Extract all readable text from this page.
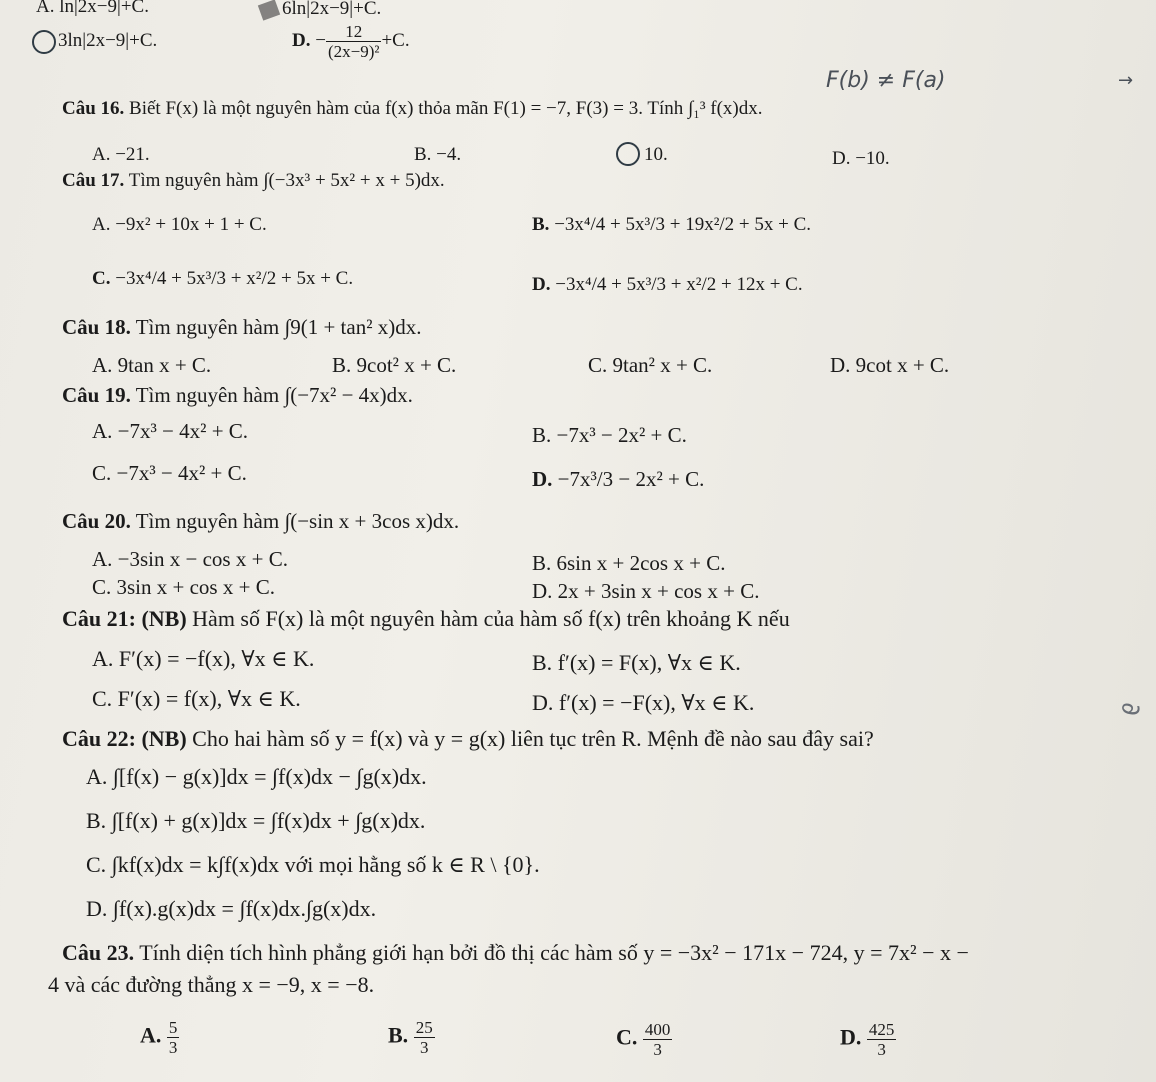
A. ln|2x−9|+C.	6ln|2x−9|+C.
3ln|2x−9|+C.	D. − $\frac{12}{\text{(2x−9)²}} +C$.
F(b) ≠ F(a)	→
Câu 16. Biết F(x) là một nguyên hàm của f(x) thỏa mãn F(1) = −7, F(3) = 3. Tính ∫₁³ f(x)dx.
A. −21.	B. −4.	10.	D. −10.
Câu 17. Tìm nguyên hàm ∫(−3x³ + 5x² + x + 5)dx.
A. −9x² + 10x + 1 + C.	B. −3x⁴/4 + 5x³/3 + 19x²/2 + 5x + C.
C. −3x⁴/4 + 5x³/3 + x²/2 + 5x + C.	D. −3x⁴/4 + 5x³/3 + x²/2 + 12x + C.
Câu 18. Tìm nguyên hàm ∫9(1 + tan² x)dx.
A. 9tan x + C.	B. 9cot² x + C.	C. 9tan² x + C.	D. 9cot x + C.
Câu 19. Tìm nguyên hàm ∫(−7x² − 4x)dx.
A. −7x³ − 4x² + C.	B. −7x³ − 2x² + C.
C. −7x³ − 4x² + C.	D. −7x³/3 − 2x² + C.
Câu 20. Tìm nguyên hàm ∫(−sin x + 3cos x)dx.
A. −3sin x − cos x + C.	B. 6sin x + 2cos x + C.
C. 3sin x + cos x + C.	D. 2x + 3sin x + cos x + C.
Câu 21: (NB) Hàm số F(x) là một nguyên hàm của hàm số f(x) trên khoảng K nếu
A. F′(x) = −f(x), ∀x ∈ K.	B. f′(x) = F(x), ∀x ∈ K.
C. F′(x) = f(x), ∀x ∈ K.	D. f′(x) = −F(x), ∀x ∈ K.
Câu 22: (NB) Cho hai hàm số y = f(x) và y = g(x) liên tục trên R. Mệnh đề nào sau đây sai?
A. ∫[f(x) − g(x)]dx = ∫f(x)dx − ∫g(x)dx.
B. ∫[f(x) + g(x)]dx = ∫f(x)dx + ∫g(x)dx.
C. ∫kf(x)dx = k∫f(x)dx với mọi hằng số k ∈ R \ {0}.
D. ∫f(x).g(x)dx = ∫f(x)dx.∫g(x)dx.
Câu 23. Tính diện tích hình phẳng giới hạn bởi đồ thị các hàm số y = −3x² − 171x − 724, y = 7x² − x −
4 và các đường thẳng x = −9, x = −8.
A. $\frac{5}{3}$	B. $\frac{25}{3}$	C. $\frac{400}{3}$	D. $\frac{425}{3}$
∂
